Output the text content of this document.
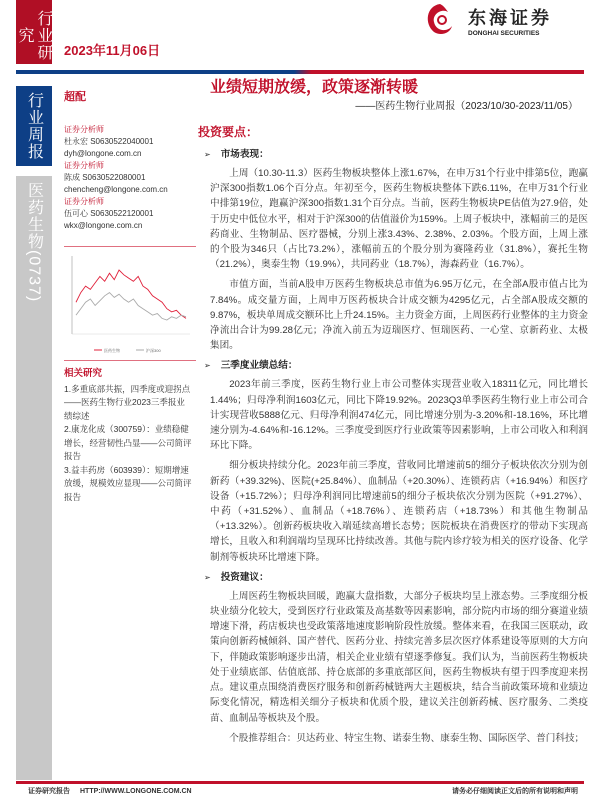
行业研究
行业周报
医药生物(0737)
2023年11月06日
东海证券
DONGHAI SECURITIES
超配
业绩短期放缓，政策逐渐转暖
——医药生物行业周报（2023/10/30-2023/11/05）
证券分析师
杜永宏 S0630522040001
dyh@longone.com.cn
证券分析师
陈成 S0630522080001
chencheng@longone.com.cn
证券分析师
伍可心 S0630522120001
wkx@longone.com.cn
医药生物	沪深300
相关研究
1.多重底部共振，四季度或迎拐点——医药生物行业2023三季报业绩综述
2.康龙化成（300759）：业绩稳健增长，经营韧性凸显——公司简评报告
3.益丰药房（603939）：短期增速放缓，规模效应显现——公司简评报告
投资要点：
➢ 市场表现：

上周（10.30-11.3）医药生物板块整体上涨1.67%，在申万31个行业中排第5位，跑赢沪深300指数1.06个百分点。年初至今，医药生物板块整体下跌6.11%，在申万31个行业中排第19位，跑赢沪深300指数1.31个百分点。当前，医药生物板块PE估值为27.9倍，处于历史中低位水平，相对于沪深300的估值溢价为159%。上周子板块中，涨幅前三的是医药商业、生物制品、医疗器械，分别上涨3.43%、2.38%、2.03%。个股方面，上周上涨的个股为346只（占比73.2%），涨幅前五的个股分别为赛隆药业（31.8%），赛托生物（21.2%），奥泰生物（19.9%），共同药业（18.7%），海森药业（16.7%）。

市值方面，当前A股申万医药生物板块总市值为6.95万亿元，在全部A股市值占比为7.84%。成交量方面，上周申万医药板块合计成交额为4295亿元，占全部A股成交额的9.87%，板块单周成交额环比上升24.15%。主力资金方面，上周医药行业整体的主力资金净流出合计为99.28亿元；净流入前五为迈瑞医疗、恒瑞医药、一心堂、京新药业、太极集团。

➢ 三季度业绩总结：

2023年前三季度，医药生物行业上市公司整体实现营业收入18311亿元，同比增长1.44%；归母净利润1603亿元，同比下降19.92%。2023Q3单季医药生物行业上市公司合计实现营收5888亿元、归母净利润474亿元，同比增速分别为-3.20%和-18.16%，环比增速分别为-4.64%和-16.12%。三季度受到医疗行业政策等因素影响，上市公司收入和利润环比下降。

细分板块持续分化。2023年前三季度，营收同比增速前5的细分子板块依次分别为创新药（+39.32%)、医院(+25.84%）、血制品（+20.30%）、连锁药店（+16.94%）和医疗设备（+15.72%）；归母净利润同比增速前5的细分子板块依次分别为医院（+91.27%）、中药（+31.52%）、血制品（+18.76%）、连锁药店（+18.73%）和其他生物制品（+13.32%）。创新药板块收入端延续高增长态势；医院板块在消费医疗的带动下实现高增长，且收入和利润端均呈现环比持续改善。其他与院内诊疗较为相关的医疗设备、化学制剂等板块环比增速下降。

➢ 投资建议：

上周医药生物板块回暖，跑赢大盘指数，大部分子板块均呈上涨态势。三季度细分板块业绩分化较大，受到医疗行业政策及高基数等因素影响，部分院内市场的细分赛道业绩增速下滑，药店板块也受政策落地速度影响阶段性放缓。整体来看，在我国三医联动，政策向创新药械倾斜、国产替代、医药分业、持续完善多层次医疗体系建设等原则的大方向下，伴随政策影响逐步出清，相关企业业绩有望逐季修复。我们认为，当前医药生物板块处于业绩底部、估值底部、持仓底部的多重底部区间，医药生物板块有望于四季度迎来拐点。建议重点围绕消费医疗服务和创新药械链两大主题板块，结合当前政策环境和业绩边际变化情况，精选相关细分子板块和优质个股，建议关注创新药械、医疗服务、二类疫苗、血制品等板块及个股。

个股推荐组合：贝达药业、特宝生物、诺泰生物、康泰生物、国际医学、普门科技；

证券研究报告 HTTP://WWW.LONGONE.COM.CN	请务必仔细阅读正文后的所有说明和声明
